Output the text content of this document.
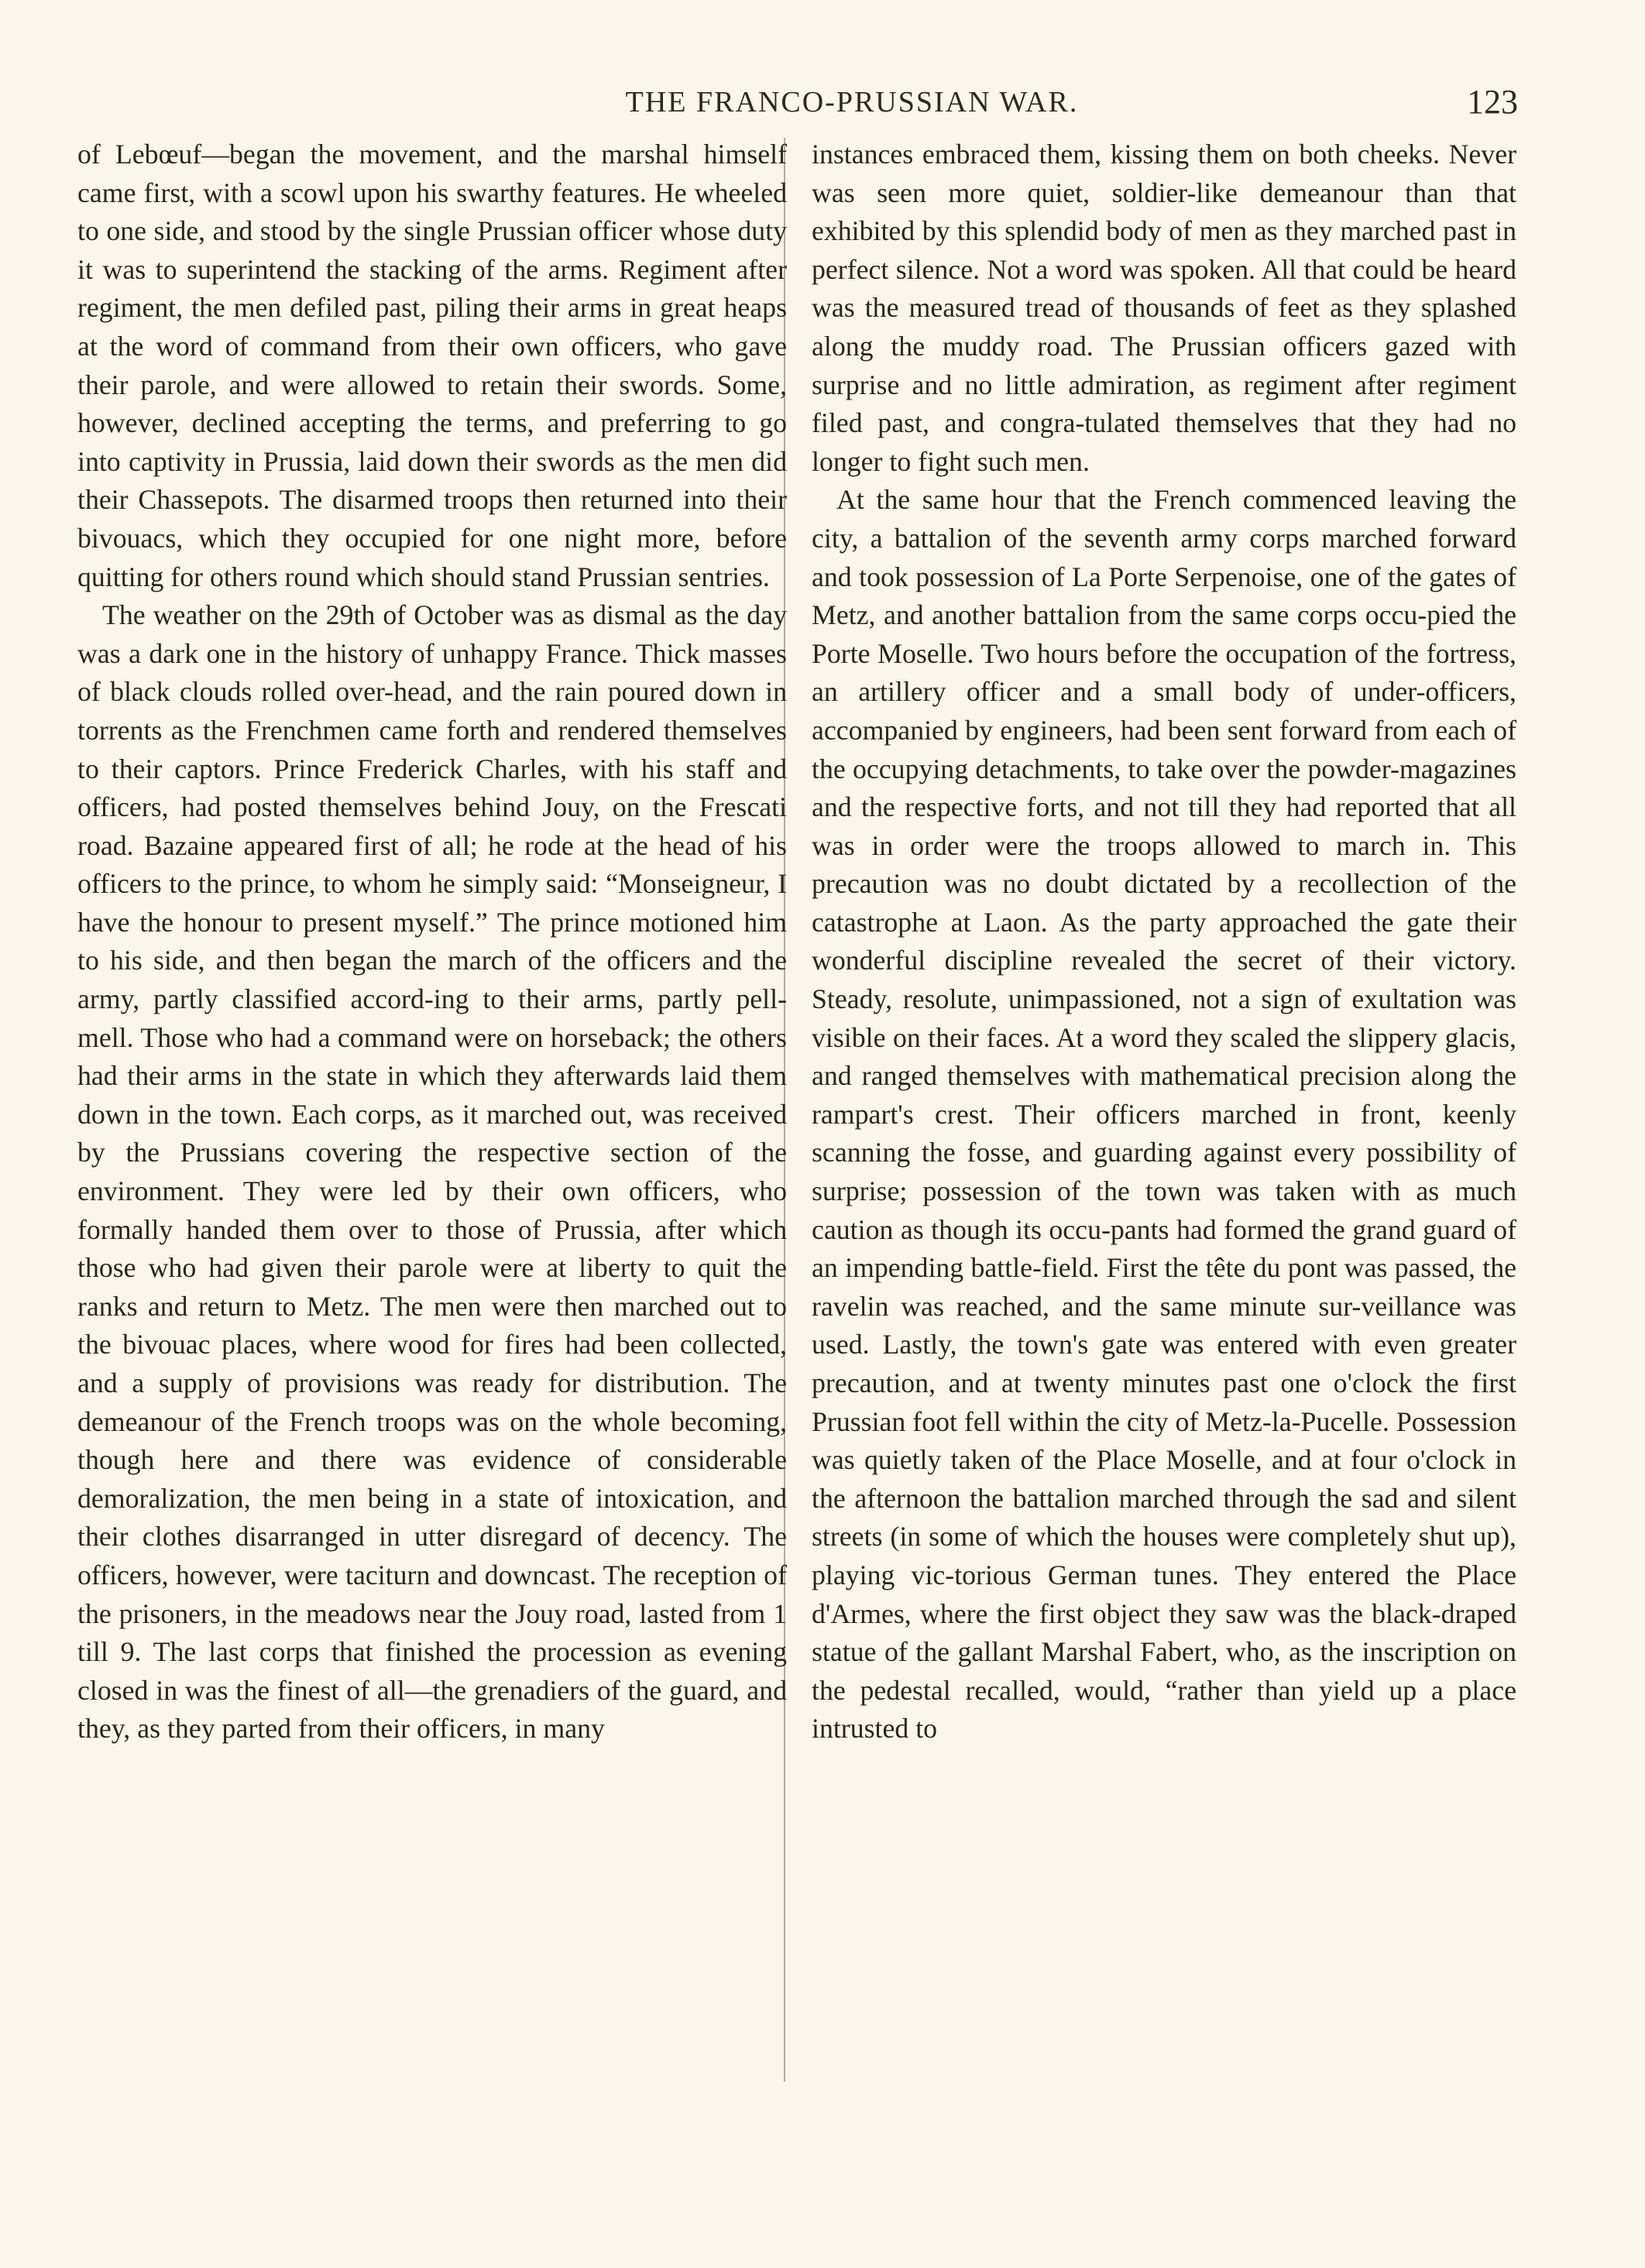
THE FRANCO-PRUSSIAN WAR.	123

of Lebœuf—began the movement, and the marshal himself came first, with a scowl upon his swarthy features. He wheeled to one side, and stood by the single Prussian officer whose duty it was to superintend the stacking of the arms. Regiment after regiment, the men defiled past, piling their arms in great heaps at the word of command from their own officers, who gave their parole, and were allowed to retain their swords. Some, however, declined accepting the terms, and preferring to go into captivity in Prussia, laid down their swords as the men did their Chassepots. The disarmed troops then returned into their bivouacs, which they occupied for one night more, before quitting for others round which should stand Prussian sentries.

The weather on the 29th of October was as dismal as the day was a dark one in the history of unhappy France. Thick masses of black clouds rolled over-head, and the rain poured down in torrents as the Frenchmen came forth and rendered themselves to their captors. Prince Frederick Charles, with his staff and officers, had posted themselves behind Jouy, on the Frescati road. Bazaine appeared first of all; he rode at the head of his officers to the prince, to whom he simply said: “Monseigneur, I have the honour to present myself.” The prince motioned him to his side, and then began the march of the officers and the army, partly classified accord-ing to their arms, partly pell-mell. Those who had a command were on horseback; the others had their arms in the state in which they afterwards laid them down in the town. Each corps, as it marched out, was received by the Prussians covering the respective section of the environment. They were led by their own officers, who formally handed them over to those of Prussia, after which those who had given their parole were at liberty to quit the ranks and return to Metz. The men were then marched out to the bivouac places, where wood for fires had been collected, and a supply of provisions was ready for distribution. The demeanour of the French troops was on the whole becoming, though here and there was evidence of considerable demoralization, the men being in a state of intoxication, and their clothes disarranged in utter disregard of decency. The officers, however, were taciturn and downcast. The reception of the prisoners, in the meadows near the Jouy road, lasted from 1 till 9. The last corps that finished the procession as evening closed in was the finest of all—the grenadiers of the guard, and they, as they parted from their officers, in many

instances embraced them, kissing them on both cheeks. Never was seen more quiet, soldier-like demeanour than that exhibited by this splendid body of men as they marched past in perfect silence. Not a word was spoken. All that could be heard was the measured tread of thousands of feet as they splashed along the muddy road. The Prussian officers gazed with surprise and no little admiration, as regiment after regiment filed past, and congra-tulated themselves that they had no longer to fight such men.

At the same hour that the French commenced leaving the city, a battalion of the seventh army corps marched forward and took possession of La Porte Serpenoise, one of the gates of Metz, and another battalion from the same corps occu-pied the Porte Moselle. Two hours before the occupation of the fortress, an artillery officer and a small body of under-officers, accompanied by engineers, had been sent forward from each of the occupying detachments, to take over the powder-magazines and the respective forts, and not till they had reported that all was in order were the troops allowed to march in. This precaution was no doubt dictated by a recollection of the catastrophe at Laon. As the party approached the gate their wonderful discipline revealed the secret of their victory. Steady, resolute, unimpassioned, not a sign of exultation was visible on their faces. At a word they scaled the slippery glacis, and ranged themselves with mathematical precision along the rampart's crest. Their officers marched in front, keenly scanning the fosse, and guarding against every possibility of surprise; possession of the town was taken with as much caution as though its occu-pants had formed the grand guard of an impending battle-field. First the tête du pont was passed, the ravelin was reached, and the same minute sur-veillance was used. Lastly, the town's gate was entered with even greater precaution, and at twenty minutes past one o'clock the first Prussian foot fell within the city of Metz-la-Pucelle. Possession was quietly taken of the Place Moselle, and at four o'clock in the afternoon the battalion marched through the sad and silent streets (in some of which the houses were completely shut up), playing vic-torious German tunes. They entered the Place d'Armes, where the first object they saw was the black-draped statue of the gallant Marshal Fabert, who, as the inscription on the pedestal recalled, would, “rather than yield up a place intrusted to
